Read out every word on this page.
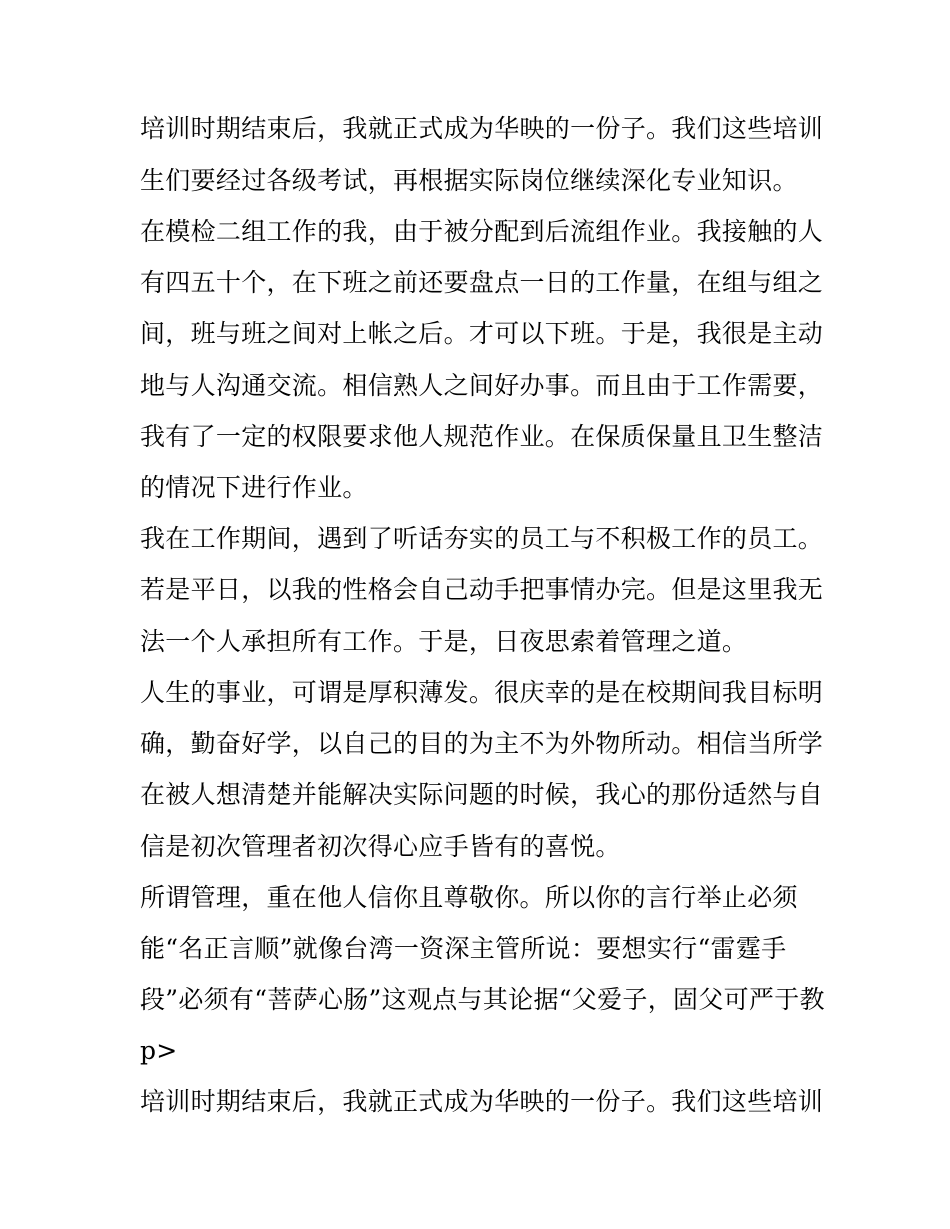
培训时期结束后，我就正式成为华映的一份子。我们这些培训
生们要经过各级考试，再根据实际岗位继续深化专业知识。
在模检二组工作的我，由于被分配到后流组作业。我接触的人
有四五十个，在下班之前还要盘点一日的工作量，在组与组之
间，班与班之间对上帐之后。才可以下班。于是，我很是主动
地与人沟通交流。相信熟人之间好办事。而且由于工作需要，
我有了一定的权限要求他人规范作业。在保质保量且卫生整洁
的情况下进行作业。
我在工作期间，遇到了听话夯实的员工与不积极工作的员工。
若是平日，以我的性格会自己动手把事情办完。但是这里我无
法一个人承担所有工作。于是，日夜思索着管理之道。
人生的事业，可谓是厚积薄发。很庆幸的是在校期间我目标明
确，勤奋好学，以自己的目的为主不为外物所动。相信当所学
在被人想清楚并能解决实际问题的时候，我心的那份适然与自
信是初次管理者初次得心应手皆有的喜悦。
所谓管理，重在他人信你且尊敬你。所以你的言行举止必须
能“名正言顺”就像台湾一资深主管所说：要想实行“雷霆手
段”必须有“菩萨心肠”这观点与其论据“父爱子，固父可严于教
p>
培训时期结束后，我就正式成为华映的一份子。我们这些培训
